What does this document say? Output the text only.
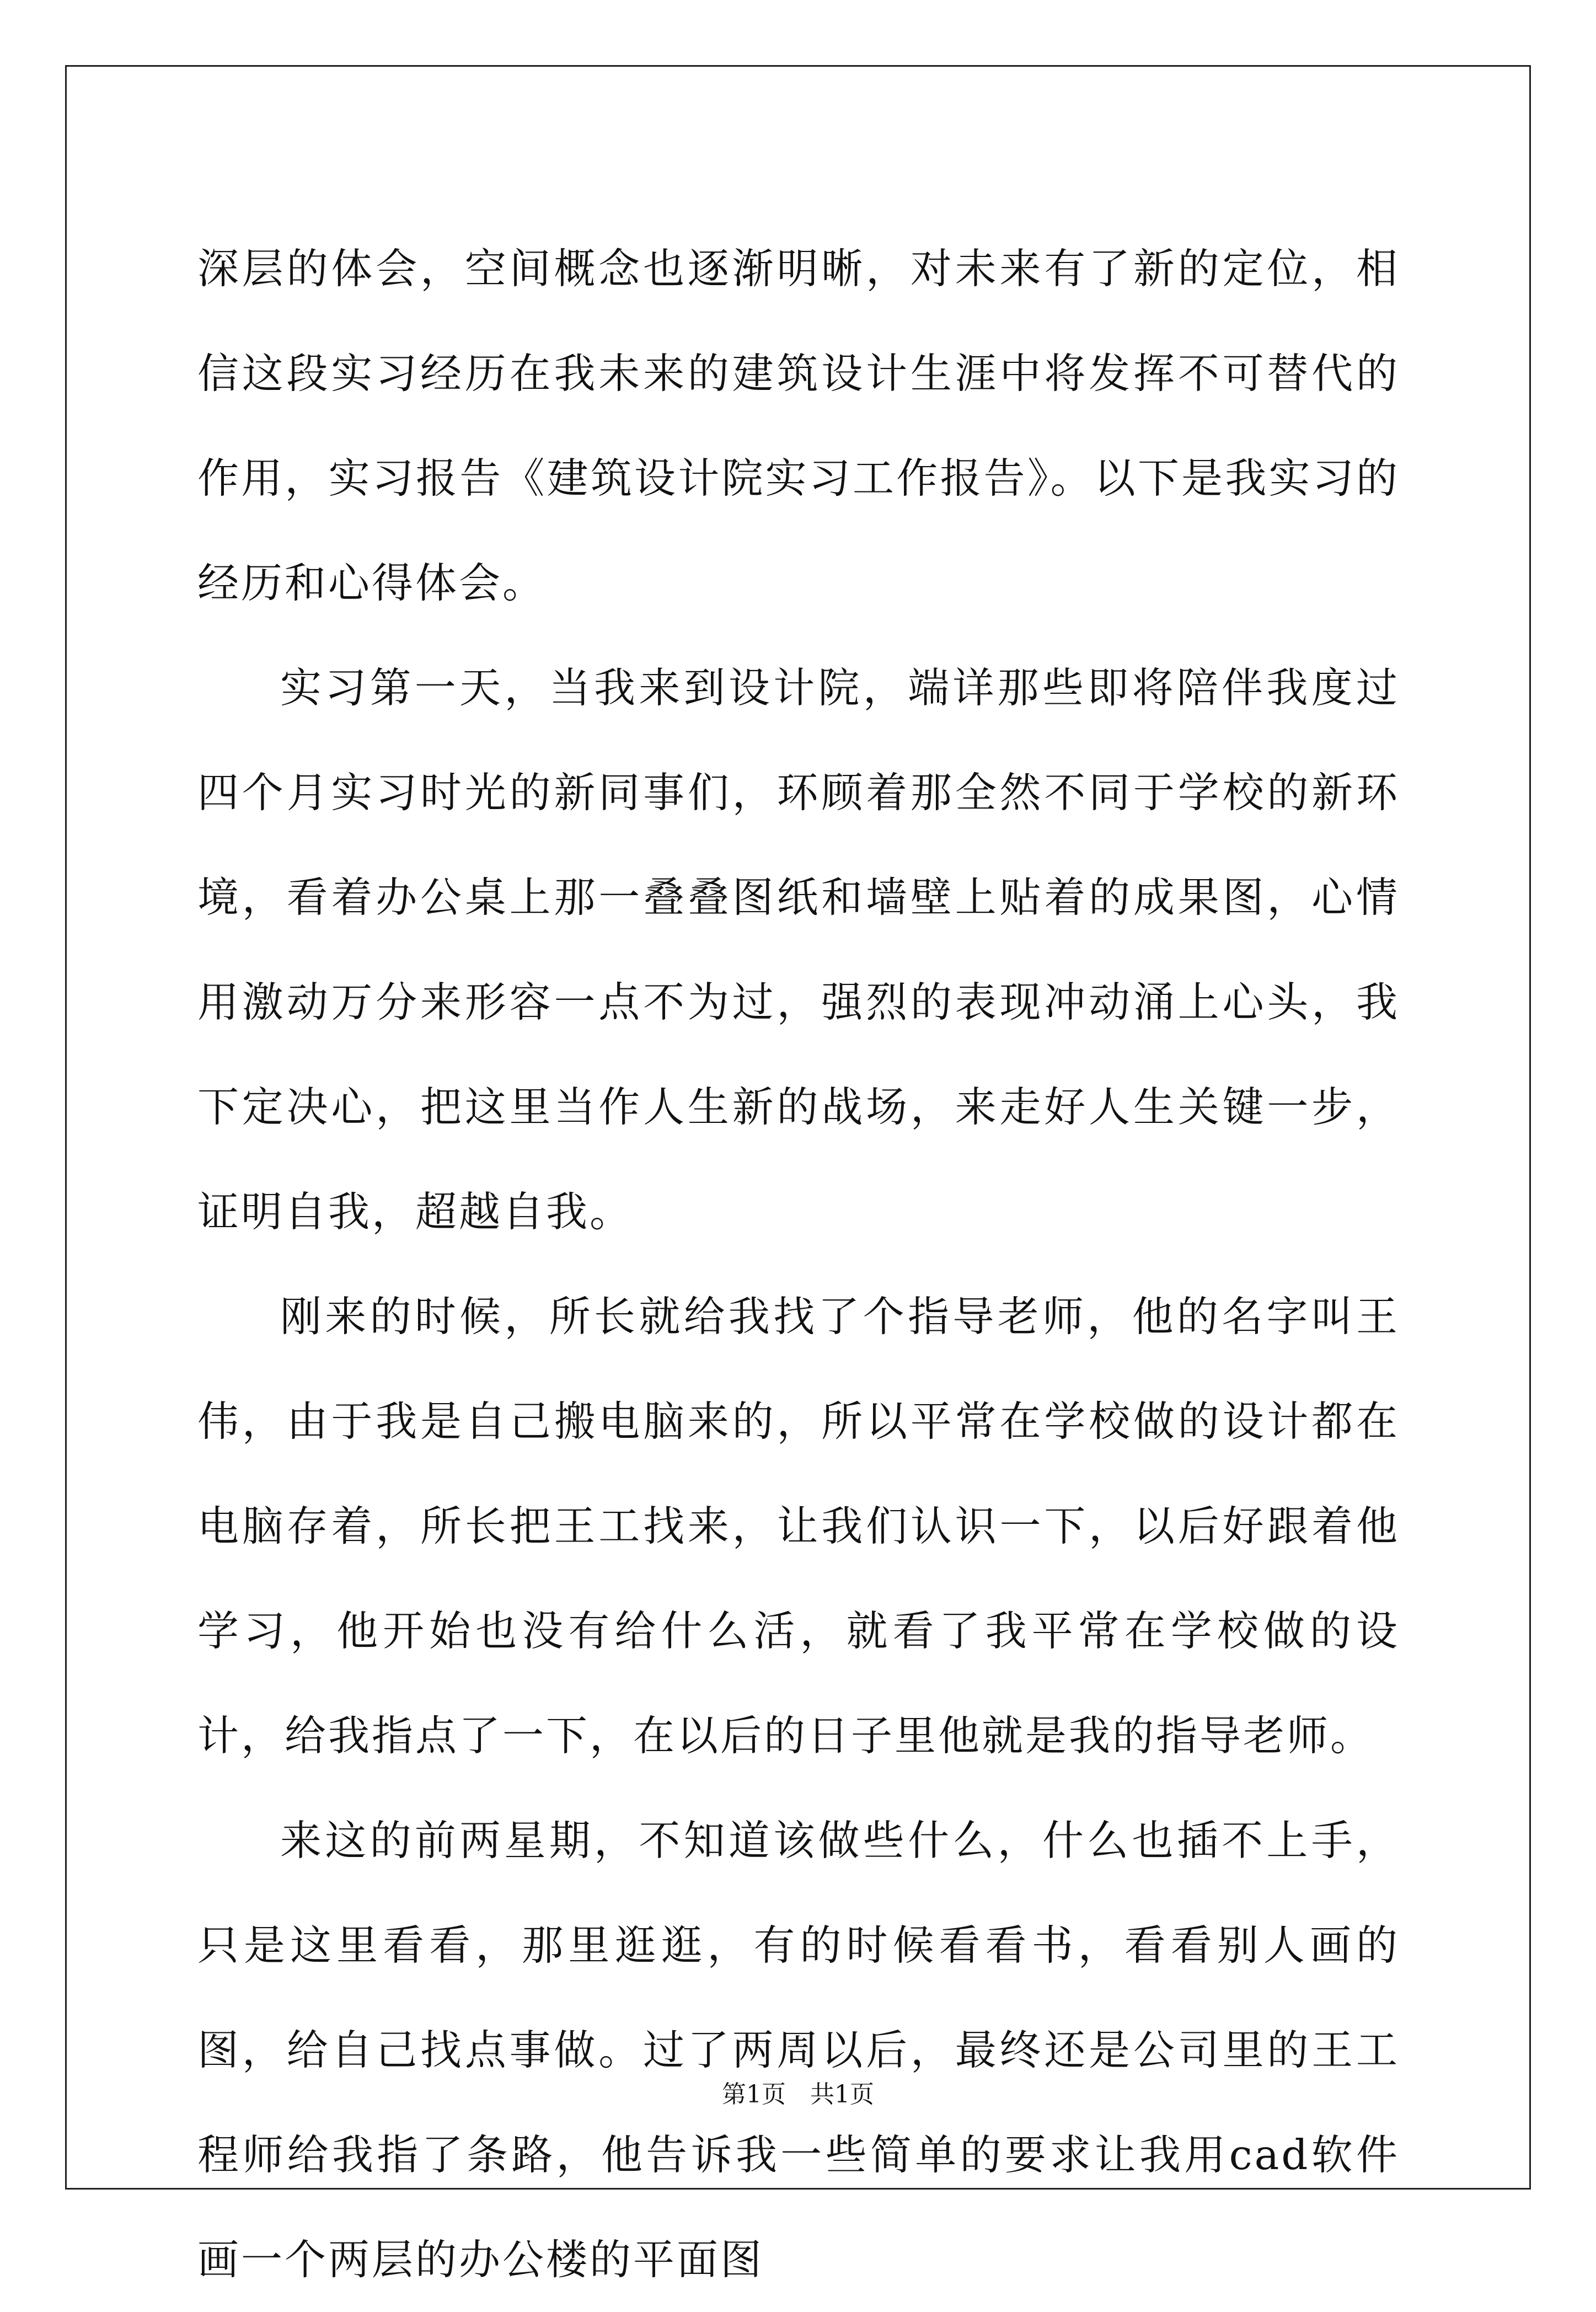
深层的体会，空间概念也逐渐明晰，对未来有了新的定位，相信这段实习经历在我未来的建筑设计生涯中将发挥不可替代的作用，实习报告《建筑设计院实习工作报告》。以下是我实习的经历和心得体会。

实习第一天，当我来到设计院，端详那些即将陪伴我度过四个月实习时光的新同事们，环顾着那全然不同于学校的新环境，看着办公桌上那一叠叠图纸和墙壁上贴着的成果图，心情用激动万分来形容一点不为过，强烈的表现冲动涌上心头，我下定决心，把这里当作人生新的战场，来走好人生关键一步，证明自我，超越自我。

刚来的时候，所长就给我找了个指导老师，他的名字叫王伟，由于我是自己搬电脑来的，所以平常在学校做的设计都在电脑存着，所长把王工找来，让我们认识一下，以后好跟着他学习，他开始也没有给什么活，就看了我平常在学校做的设计，给我指点了一下，在以后的日子里他就是我的指导老师。

来这的前两星期，不知道该做些什么，什么也插不上手，只是这里看看，那里逛逛，有的时候看看书，看看别人画的图，给自己找点事做。过了两周以后，最终还是公司里的王工程师给我指了条路，他告诉我一些简单的要求让我用cad软件画一个两层的办公楼的平面图

第1页　共1页
